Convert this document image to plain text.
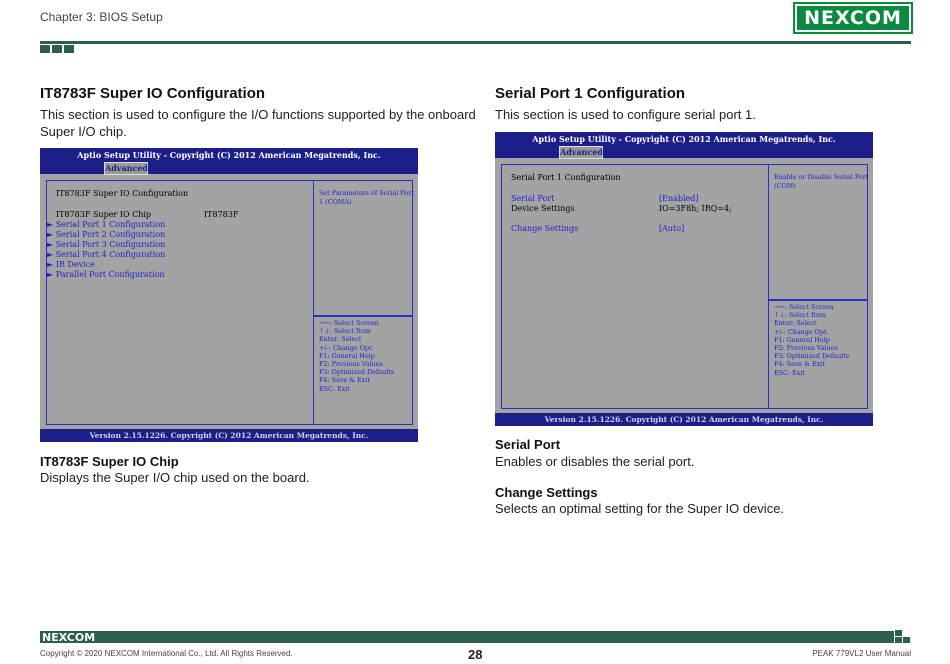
Chapter 3: BIOS Setup	NEXCOM
IT8783F Super IO Configuration
This section is used to configure the I/O functions supported by the onboard
Super I/O chip.
Aptio Setup Utility - Copyright (C) 2012 American Megatrends, Inc.
Advanced
IT8783F Super IO Configuration
IT8783F Super IO Chip	IT8783F
► Serial Port 1 Configuration
► Serial Port 2 Configuration
► Serial Port 3 Configuration
► Serial Port 4 Configuration
► IR Device
► Parallel Port Configuration
Set Parameters of Serial Port
1 (COMA)
→←: Select Screen
↑↓: Select Item
Enter: Select
+/-: Change Opt.
F1: General Help
F2: Previous Values
F3: Optimized Defaults
F4: Save & Exit
ESC: Exit
Version 2.15.1226. Copyright (C) 2012 American Megatrends, Inc.
IT8783F Super IO Chip
Displays the Super I/O chip used on the board.
Serial Port 1 Configuration
This section is used to configure serial port 1.
Aptio Setup Utility - Copyright (C) 2012 American Megatrends, Inc.
Advanced
Serial Port 1 Configuration
Serial Port	[Enabled]
Device Settings	IO=3F8h; IRQ=4;
Change Settings	[Auto]
Enable or Disable Serial Port
(COM)
→←: Select Screen
↑↓: Select Item
Enter: Select
+/-: Change Opt.
F1: General Help
F2: Previous Values
F3: Optimized Defaults
F4: Save & Exit
ESC: Exit
Version 2.15.1226. Copyright (C) 2012 American Megatrends, Inc.
Serial Port
Enables or disables the serial port.
Change Settings
Selects an optimal setting for the Super IO device.
NEXCOM
Copyright © 2020 NEXCOM International Co., Ltd. All Rights Reserved.	28	PEAK 779VL2 User Manual
